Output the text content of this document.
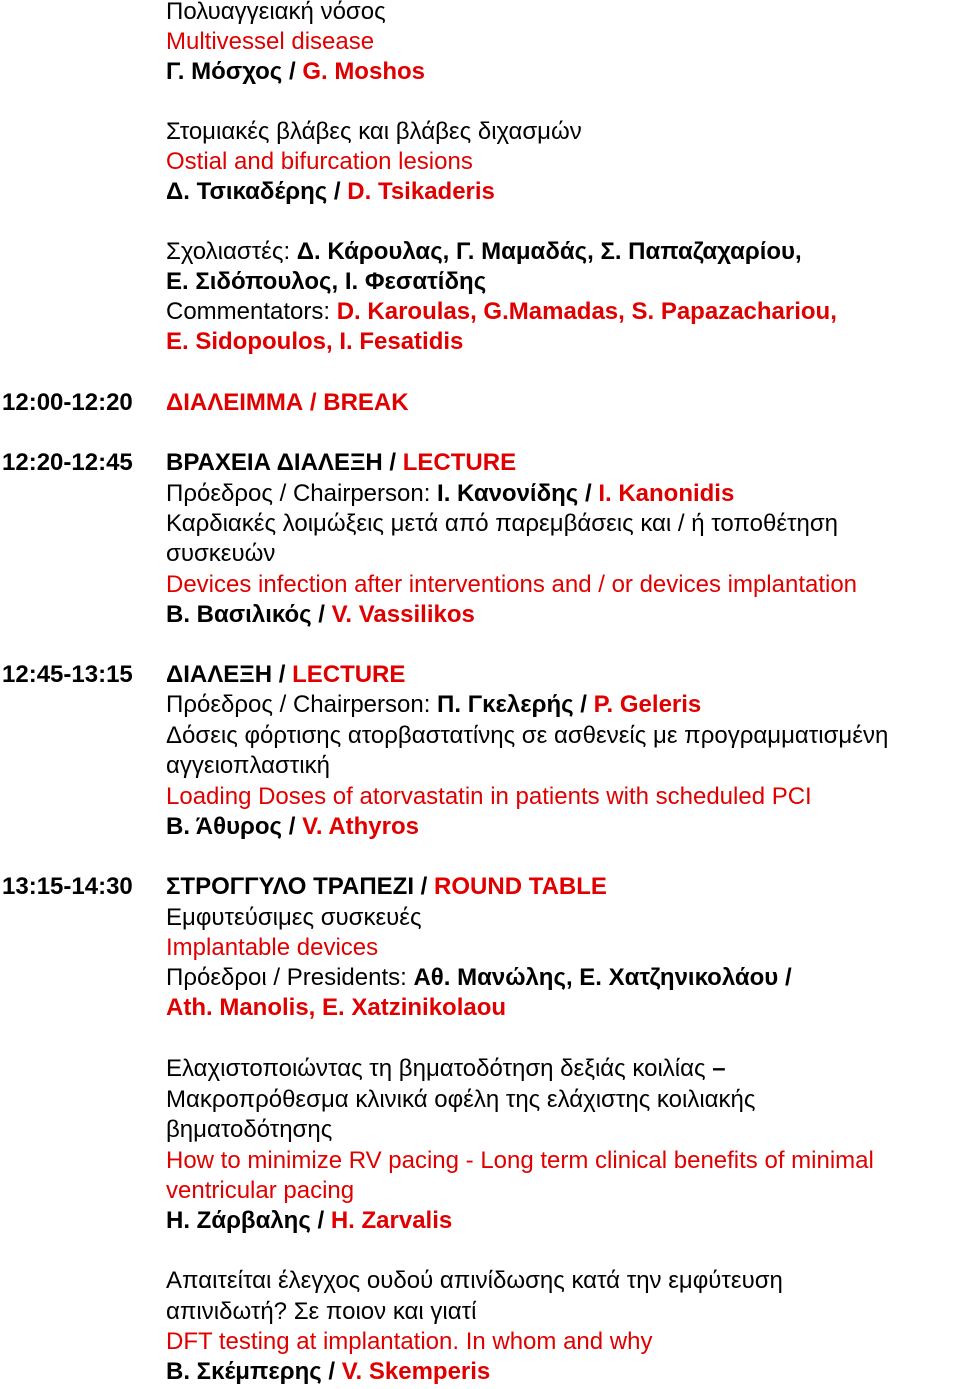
Πολυαγγειακή νόσος
Multivessel disease
Γ. Μόσχος / G. Moshos
Στομιακές βλάβες και βλάβες διχασμών
Ostial and bifurcation lesions
Δ. Τσικαδέρης / D. Tsikaderis
Σχολιαστές: Δ. Κάρουλας, Γ. Μαμαδάς, Σ. Παπαζαχαρίου,
Ε. Σιδόπουλος, Ι. Φεσατίδης
Commentators: D. Karoulas, G.Mamadas, S. Papazachariou,
E. Sidopoulos, I. Fesatidis
12:00-12:20 ΔΙΑΛΕΙΜΜΑ / BREAK
12:20-12:45 ΒΡΑΧΕΙΑ ΔΙΑΛΕΞΗ / LECTURE
Πρόεδρος / Chairperson: Ι. Κανονίδης / I. Kanonidis
Καρδιακές λοιμώξεις μετά από παρεμβάσεις και / ή τοποθέτηση
συσκευών
Devices infection after interventions and / or devices implantation
Β. Βασιλικός / V. Vassilikos
12:45-13:15 ΔΙΑΛΕΞΗ / LECTURE
Πρόεδρος / Chairperson: Π. Γκελερής / P. Geleris
Δόσεις φόρτισης ατορβαστατίνης σε ασθενείς με προγραμματισμένη
αγγειοπλαστική
Loading Doses of atorvastatin in patients with scheduled PCI
Β. Άθυρος / V. Athyros
13:15-14:30 ΣΤΡΟΓΓΥΛΟ ΤΡΑΠΕΖΙ / ROUND TABLE
Εμφυτεύσιμες συσκευές
Implantable devices
Πρόεδροι / Presidents: Αθ. Μανώλης, Ε. Χατζηνικολάου /
Ath. Manolis, E. Xatzinikolaou
Ελαχιστοποιώντας τη βηματοδότηση δεξιάς κοιλίας –
Μακροπρόθεσμα κλινικά οφέλη της ελάχιστης κοιλιακής
βηματοδότησης
How to minimize RV pacing - Long term clinical benefits of minimal
ventricular pacing
Η. Ζάρβαλης / H. Zarvalis
Απαιτείται έλεγχος ουδού απινίδωσης κατά την εμφύτευση
απινιδωτή? Σε ποιον και γιατί
DFT testing at implantation. In whom and why
Β. Σκέμπερης / V. Skemperis
